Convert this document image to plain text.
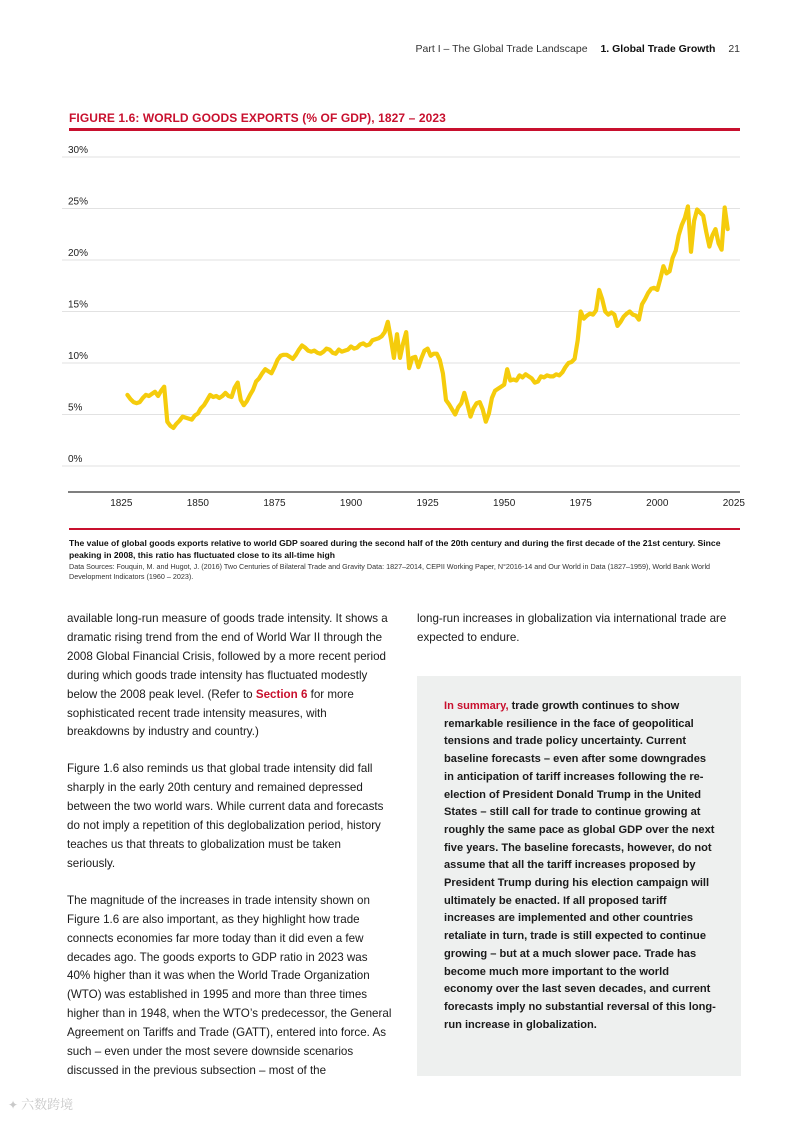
Part I – The Global Trade Landscape 1. Global Trade Growth 21
FIGURE 1.6: WORLD GOODS EXPORTS (% OF GDP), 1827 – 2023
0%
5%
10%
15%
20%
25%
30%
1825	1850	1875	1900	1925	1950	1975	2000	2025
The value of global goods exports relative to world GDP soared during the second half of the 20th century and during the first decade of the 21st century. Since peaking in 2008, this ratio has fluctuated close to its all-time high
Data Sources: Fouquin, M. and Hugot, J. (2016) Two Centuries of Bilateral Trade and Gravity Data: 1827–2014, CEPII Working Paper, N°2016-14 and Our World in Data (1827–1959), World Bank World Development Indicators (1960 – 2023).

available long-run measure of goods trade intensity. It shows a dramatic rising trend from the end of World War II through the 2008 Global Financial Crisis, followed by a more recent period during which goods trade intensity has fluctuated modestly below the 2008 peak level. (Refer to Section 6 for more sophisticated recent trade intensity measures, with breakdowns by industry and country.)

Figure 1.6 also reminds us that global trade intensity did fall sharply in the early 20th century and remained depressed between the two world wars. While current data and forecasts do not imply a repetition of this deglobalization period, history teaches us that threats to globalization must be taken seriously.

The magnitude of the increases in trade intensity shown on Figure 1.6 are also important, as they highlight how trade connects economies far more today than it did even a few decades ago. The goods exports to GDP ratio in 2023 was 40% higher than it was when the World Trade Organization (WTO) was established in 1995 and more than three times higher than in 1948, when the WTO’s predecessor, the General Agreement on Tariffs and Trade (GATT), entered into force. As such – even under the most severe downside scenarios discussed in the previous subsection – most of the

long-run increases in globalization via international trade are expected to endure.

In summary, trade growth continues to show remarkable resilience in the face of geopolitical tensions and trade policy uncertainty. Current baseline forecasts – even after some downgrades in anticipation of tariff increases following the re-election of President Donald Trump in the United States – still call for trade to continue growing at roughly the same pace as global GDP over the next five years. The baseline forecasts, however, do not assume that all the tariff increases proposed by President Trump during his election campaign will ultimately be enacted. If all proposed tariff increases are implemented and other countries retaliate in turn, trade is still expected to continue growing – but at a much slower pace. Trade has become much more important to the world economy over the last seven decades, and current forecasts imply no substantial reversal of this long-run increase in globalization.
✦ 六数跨境
